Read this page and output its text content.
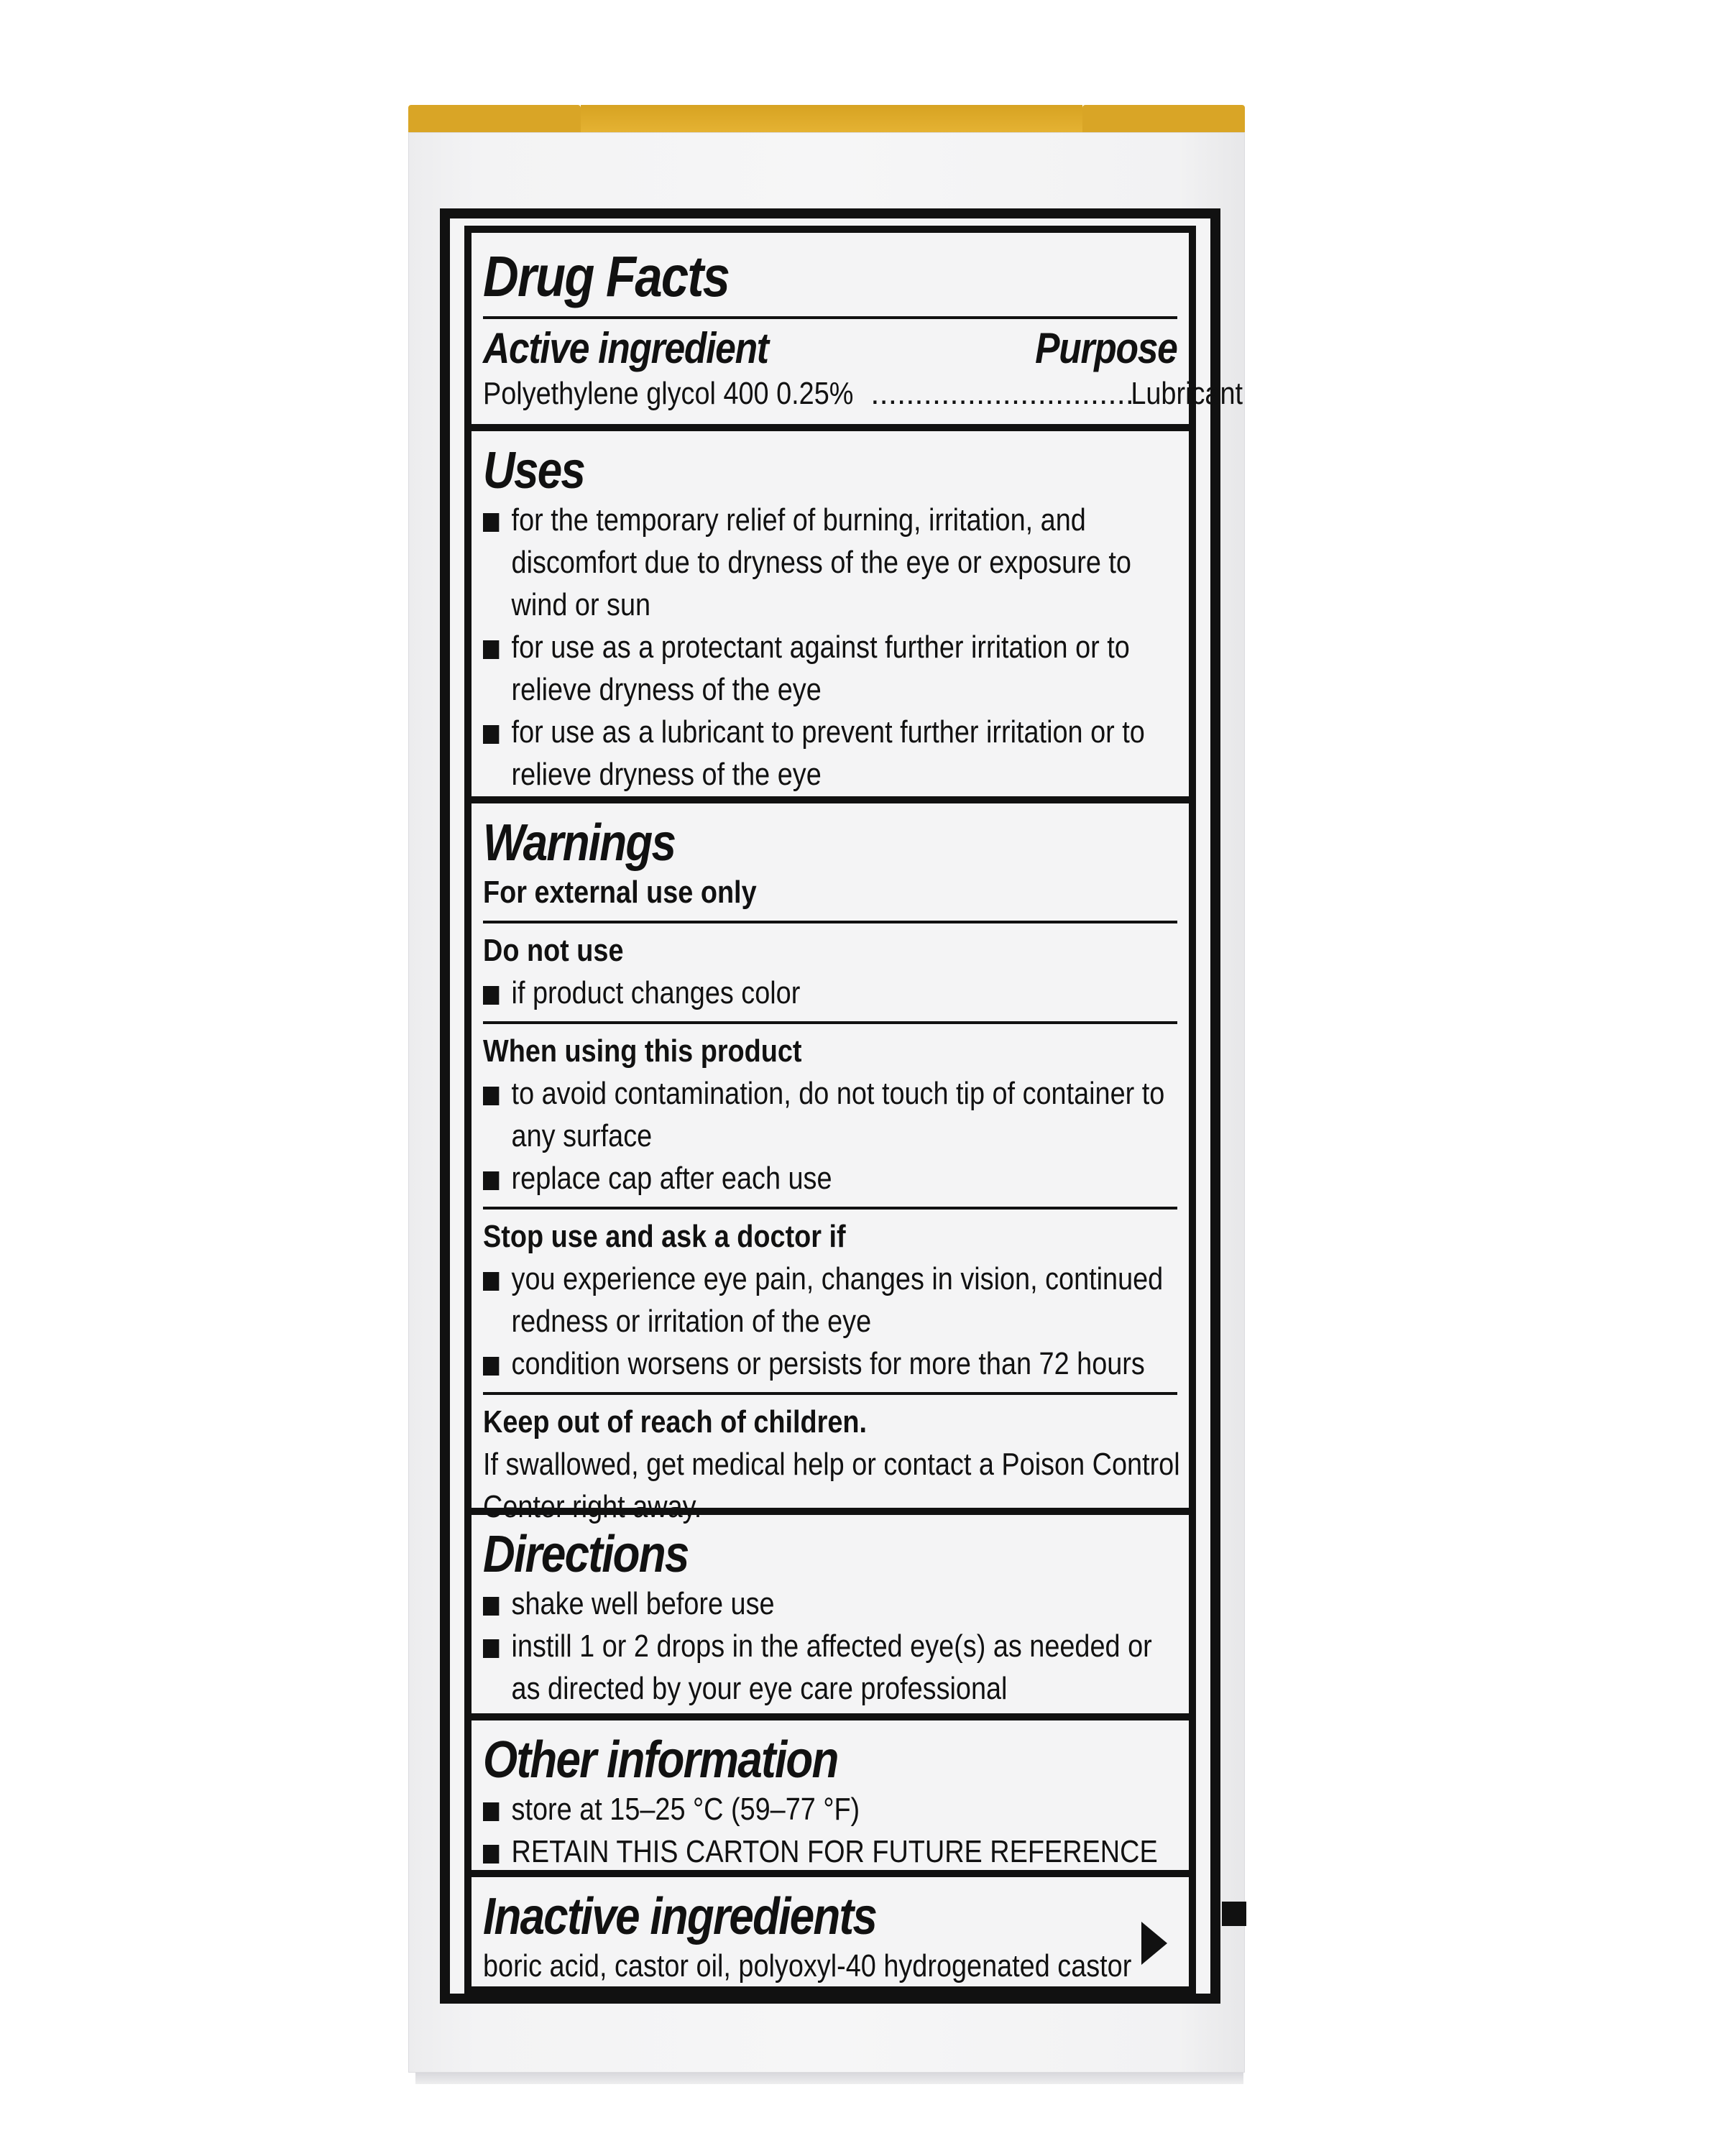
Drug Facts
Active ingredient	Purpose
Polyethylene glycol 400 0.25% ..............................
Lubricant
Uses
for the temporary relief of burning, irritation, and
discomfort due to dryness of the eye or exposure to
wind or sun
for use as a protectant against further irritation or to
relieve dryness of the eye
for use as a lubricant to prevent further irritation or to
relieve dryness of the eye
Warnings
For external use only
Do not use
if product changes color
When using this product
to avoid contamination, do not touch tip of container to
any surface
replace cap after each use
Stop use and ask a doctor if
you experience eye pain, changes in vision, continued
redness or irritation of the eye
condition worsens or persists for more than 72 hours
Keep out of reach of children.
If swallowed, get medical help or contact a Poison Control
Center right away.
Directions
shake well before use
instill 1 or 2 drops in the affected eye(s) as needed or
as directed by your eye care professional
Other information
store at 15–25 °C (59–77 °F)
RETAIN THIS CARTON FOR FUTURE REFERENCE
Inactive ingredients
boric acid, castor oil, polyoxyl-40 hydrogenated castor
